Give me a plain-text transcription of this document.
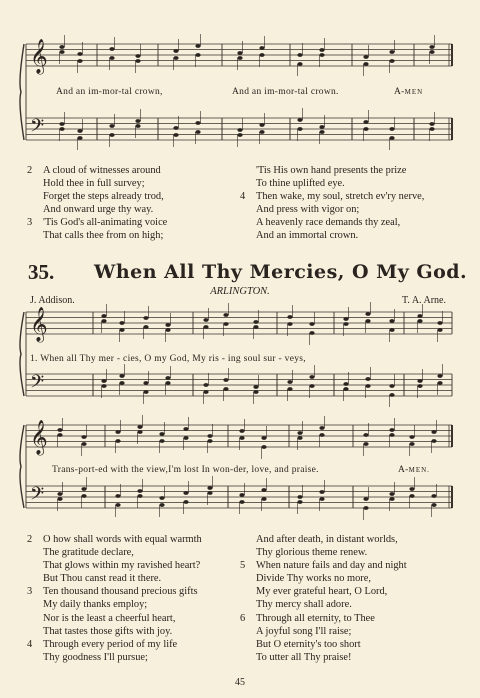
𝄞
𝄢
𝄞
𝄢
𝄞
𝄢
And an im-mor-tal crown,	And an im-mor-tal crown.	A-MEN
2 A cloud of witnesses around
Hold thee in full survey;
Forget the steps already trod,
And onward urge thy way.
3 'Tis God's all-animating voice
That calls thee from on high;
'Tis His own hand presents the prize
To thine uplifted eye.
4 Then wake, my soul, stretch ev'ry nerve,
And press with vigor on;
A heavenly race demands thy zeal,
And an immortal crown.
35. When All Thy Mercies, O My God.
ARLINGTON.
J. Addison.	T. A. Arne.
1. When all Thy mer - cies, O my God, My ris - ing soul sur - veys,
Trans-port-ed with the view,I'm lost In won-der, love, and praise.	A-MEN.
2 O how shall words with equal warmth
The gratitude declare,
That glows within my ravished heart?
But Thou canst read it there.
3 Ten thousand thousand precious gifts
My daily thanks employ;
Nor is the least a cheerful heart,
That tastes those gifts with joy.
4 Through every period of my life
Thy goodness I'll pursue;
And after death, in distant worlds,
Thy glorious theme renew.
5 When nature fails and day and night
Divide Thy works no more,
My ever grateful heart, O Lord,
Thy mercy shall adore.
6 Through all eternity, to Thee
A joyful song I'll raise;
But O eternity's too short
To utter all Thy praise!
45
